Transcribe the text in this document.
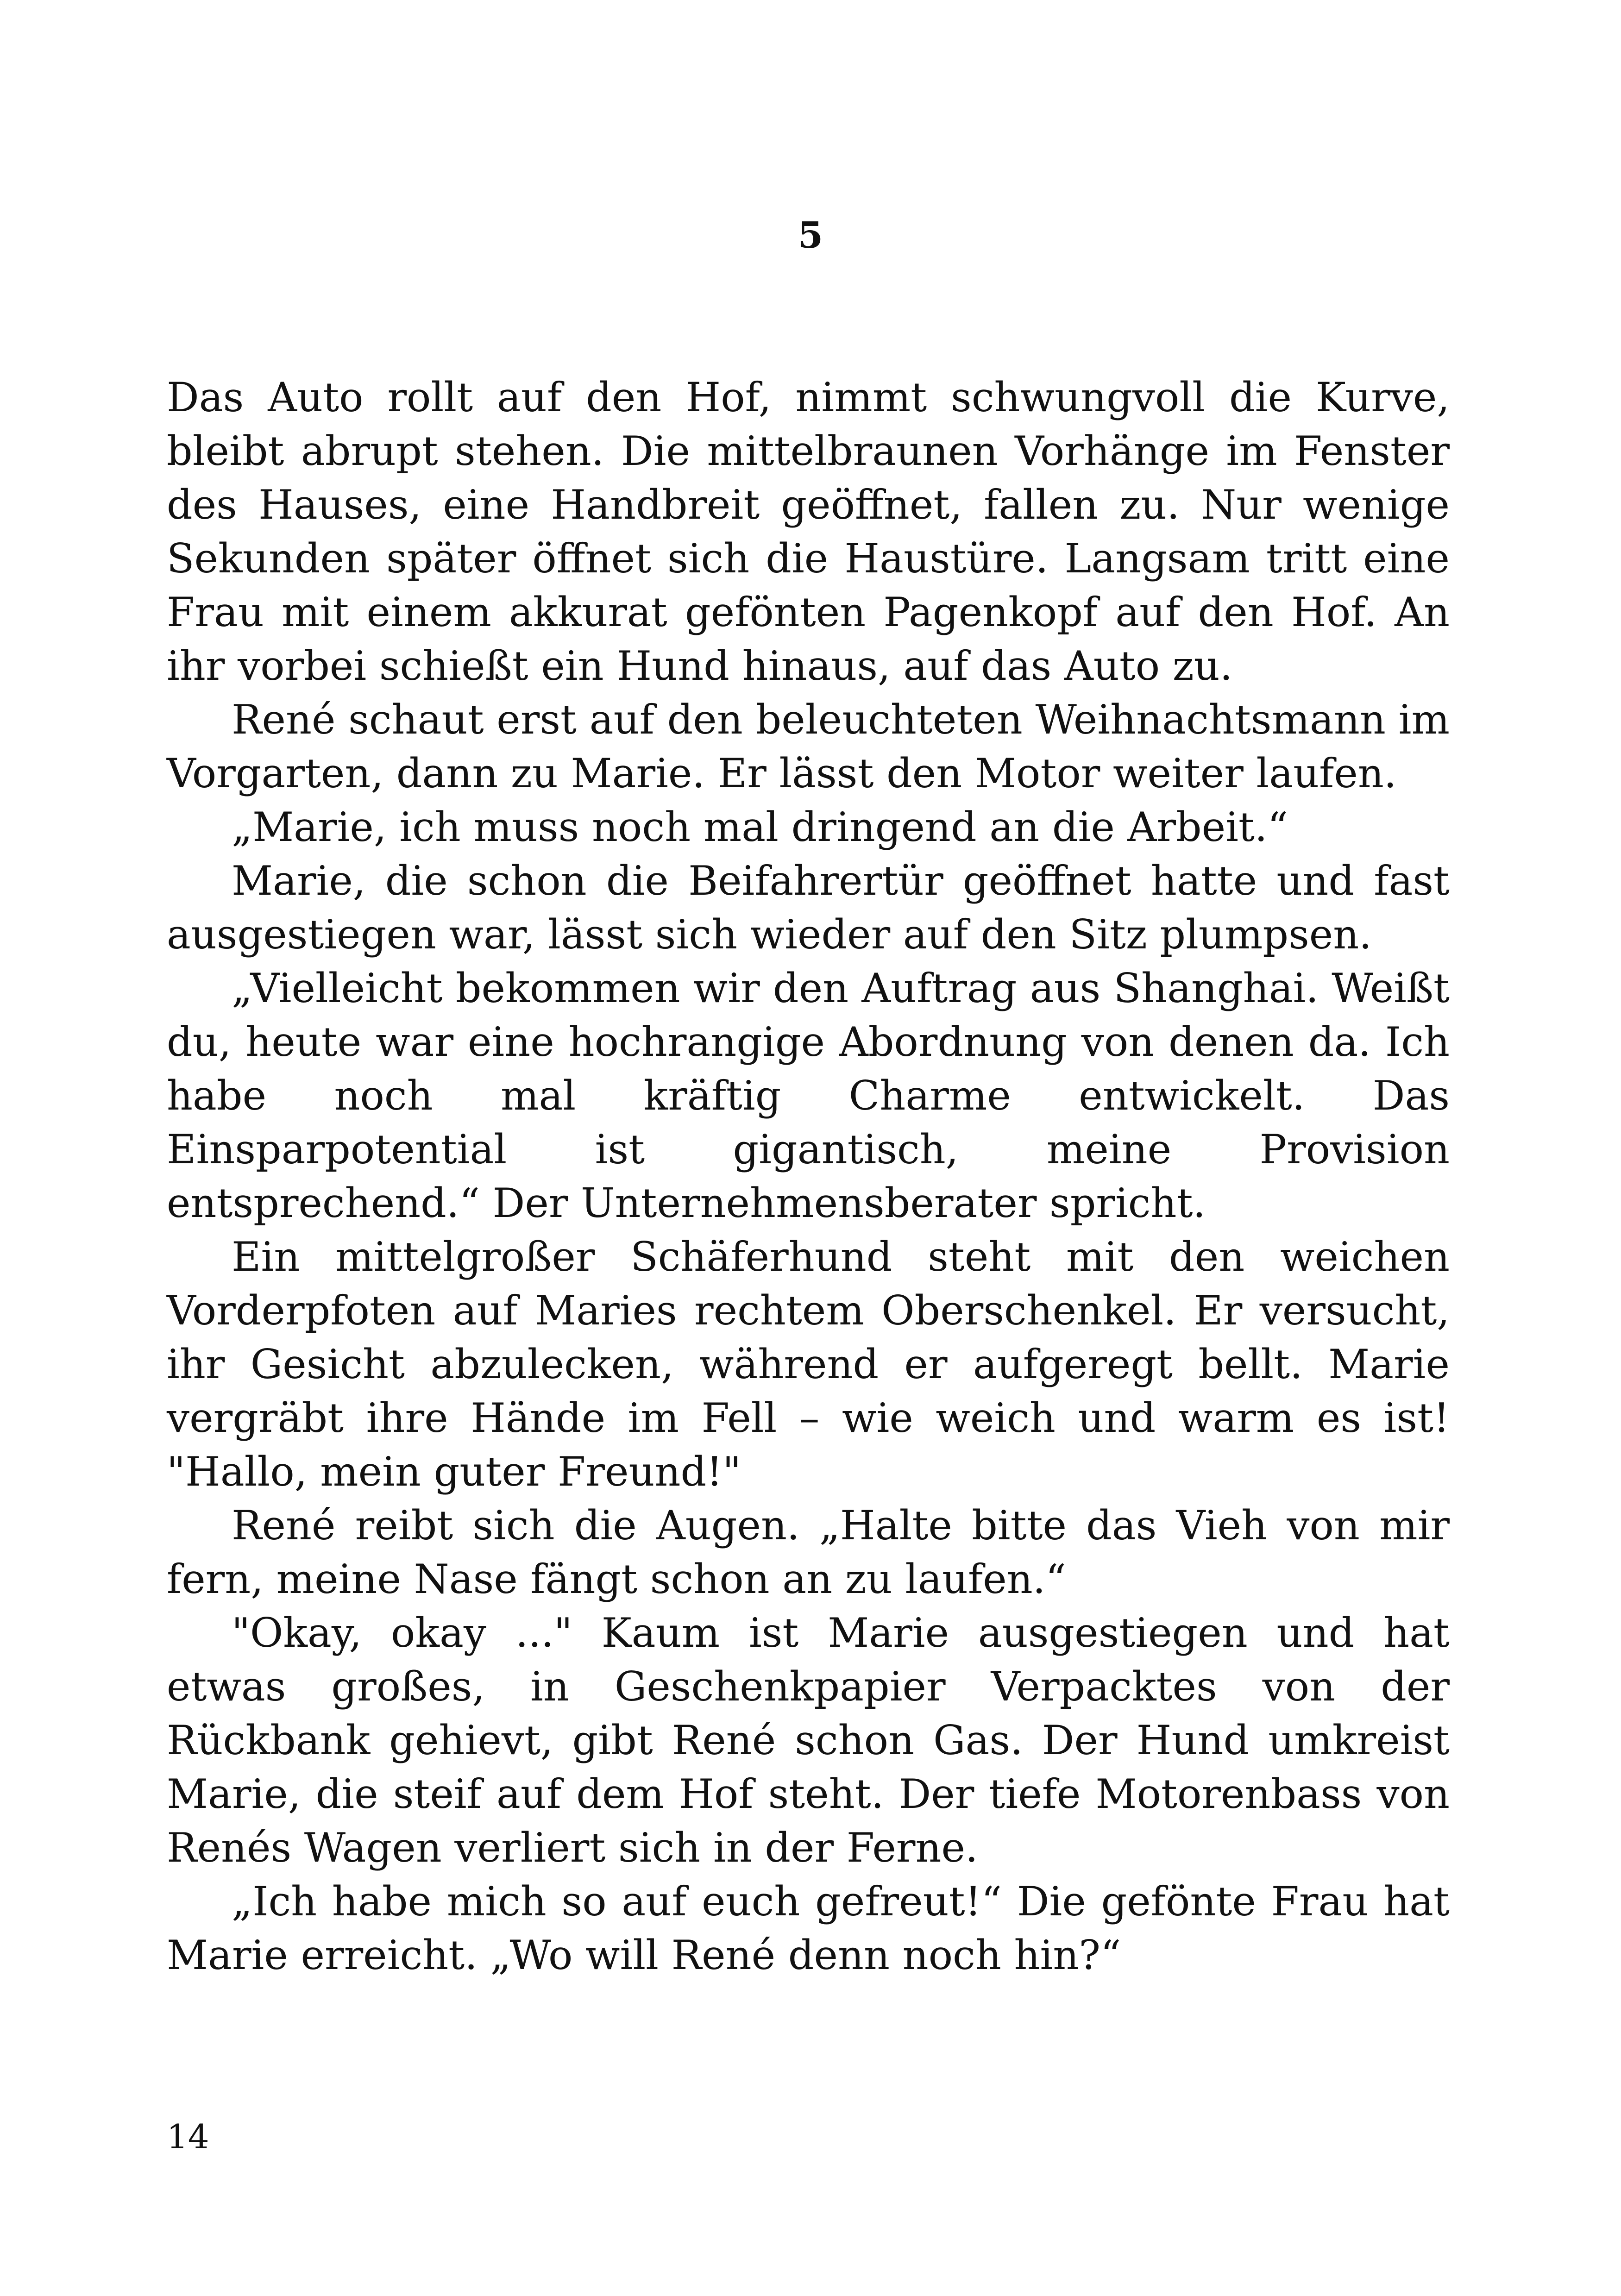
5

Das Auto rollt auf den Hof, nimmt schwungvoll die Kurve, bleibt abrupt stehen. Die mittelbraunen Vorhänge im Fenster des Hauses, eine Handbreit geöffnet, fallen zu. Nur wenige Sekunden später öffnet sich die Haustüre. Langsam tritt eine Frau mit einem akkurat gefönten Pagenkopf auf den Hof. An ihr vorbei schießt ein Hund hinaus, auf das Auto zu.

René schaut erst auf den beleuchteten Weihnachtsmann im Vorgarten, dann zu Marie. Er lässt den Motor weiter laufen.

„Marie, ich muss noch mal dringend an die Arbeit.“

Marie, die schon die Beifahrertür geöffnet hatte und fast ausgestiegen war, lässt sich wieder auf den Sitz plumpsen.

„Vielleicht bekommen wir den Auftrag aus Shanghai. Weißt du, heute war eine hochrangige Abordnung von denen da. Ich habe noch mal kräftig Charme entwickelt. Das Einsparpotential ist gigantisch, meine Provision entsprechend.“ Der Unternehmensberater spricht.

Ein mittelgroßer Schäferhund steht mit den weichen Vorderpfoten auf Maries rechtem Oberschenkel. Er versucht, ihr Gesicht abzulecken, während er aufgeregt bellt. Marie vergräbt ihre Hände im Fell – wie weich und warm es ist! "Hallo, mein guter Freund!"

René reibt sich die Augen. „Halte bitte das Vieh von mir fern, meine Nase fängt schon an zu laufen.“

"Okay, okay ..." Kaum ist Marie ausgestiegen und hat etwas großes, in Geschenkpapier Verpacktes von der Rückbank gehievt, gibt René schon Gas. Der Hund umkreist Marie, die steif auf dem Hof steht. Der tiefe Motorenbass von Renés Wagen verliert sich in der Ferne.

„Ich habe mich so auf euch gefreut!“ Die gefönte Frau hat Marie erreicht. „Wo will René denn noch hin?“

14
